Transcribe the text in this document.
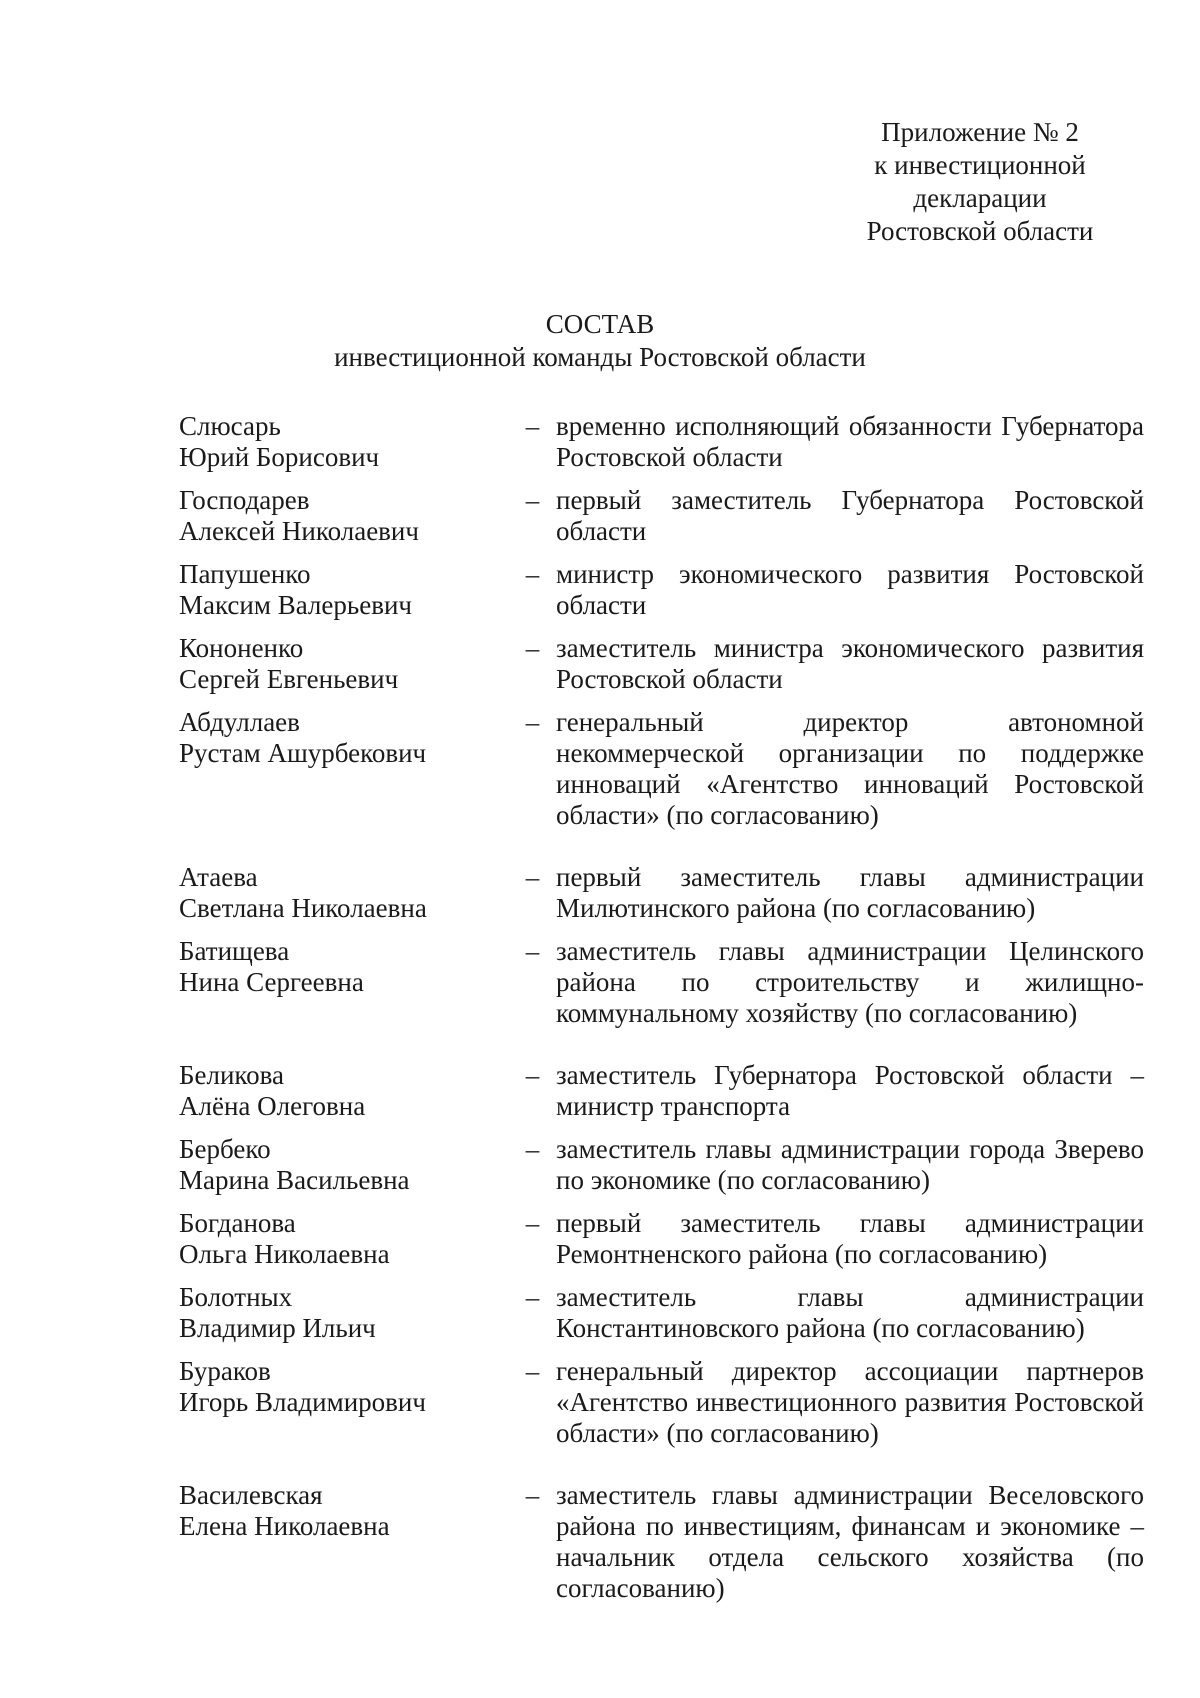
Приложение № 2
к инвестиционной
декларации
Ростовской области
СОСТАВ
инвестиционной команды Ростовской области
Слюсарь
Юрий Борисович
– временно исполняющий обязанности Губернатора Ростовской области
Господарев
Алексей Николаевич
– первый заместитель Губернатора Ростовской области
Папушенко
Максим Валерьевич
– министр экономического развития Ростовской области
Кононенко
Сергей Евгеньевич
– заместитель министра экономического развития Ростовской области
Абдуллаев
Рустам Ашурбекович
– генеральный директор автономной некоммерческой организации по поддержке инноваций «Агентство инноваций Ростовской области» (по согласованию)
Атаева
Светлана Николаевна
– первый заместитель главы администрации Милютинского района (по согласованию)
Батищева
Нина Сергеевна
– заместитель главы администрации Целинского района по строительству и жилищно-коммунальному хозяйству (по согласованию)
Беликова
Алёна Олеговна
– заместитель Губернатора Ростовской области – министр транспорта
Бербеко
Марина Васильевна
– заместитель главы администрации города Зверево по экономике (по согласованию)
Богданова
Ольга Николаевна
– первый заместитель главы администрации Ремонтненского района (по согласованию)
Болотных
Владимир Ильич
– заместитель главы администрации Константиновского района (по согласованию)
Бураков
Игорь Владимирович
– генеральный директор ассоциации партнеров «Агентство инвестиционного развития Ростовской области» (по согласованию)
Василевская
Елена Николаевна
– заместитель главы администрации Веселовского района по инвестициям, финансам и экономике – начальник отдела сельского хозяйства (по согласованию)
